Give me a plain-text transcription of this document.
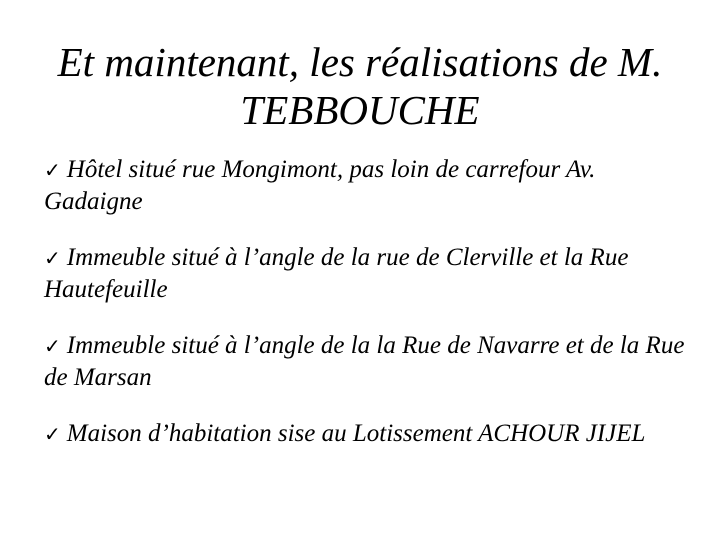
Et maintenant, les réalisations de M. TEBBOUCHE
✓ Hôtel situé rue Mongimont, pas loin de carrefour Av. Gadaigne
✓ Immeuble situé à l’angle de la rue de Clerville et la Rue Hautefeuille
✓ Immeuble situé à l’angle de la la Rue de Navarre et de la Rue de Marsan
✓ Maison d’habitation sise au Lotissement ACHOUR JIJEL
